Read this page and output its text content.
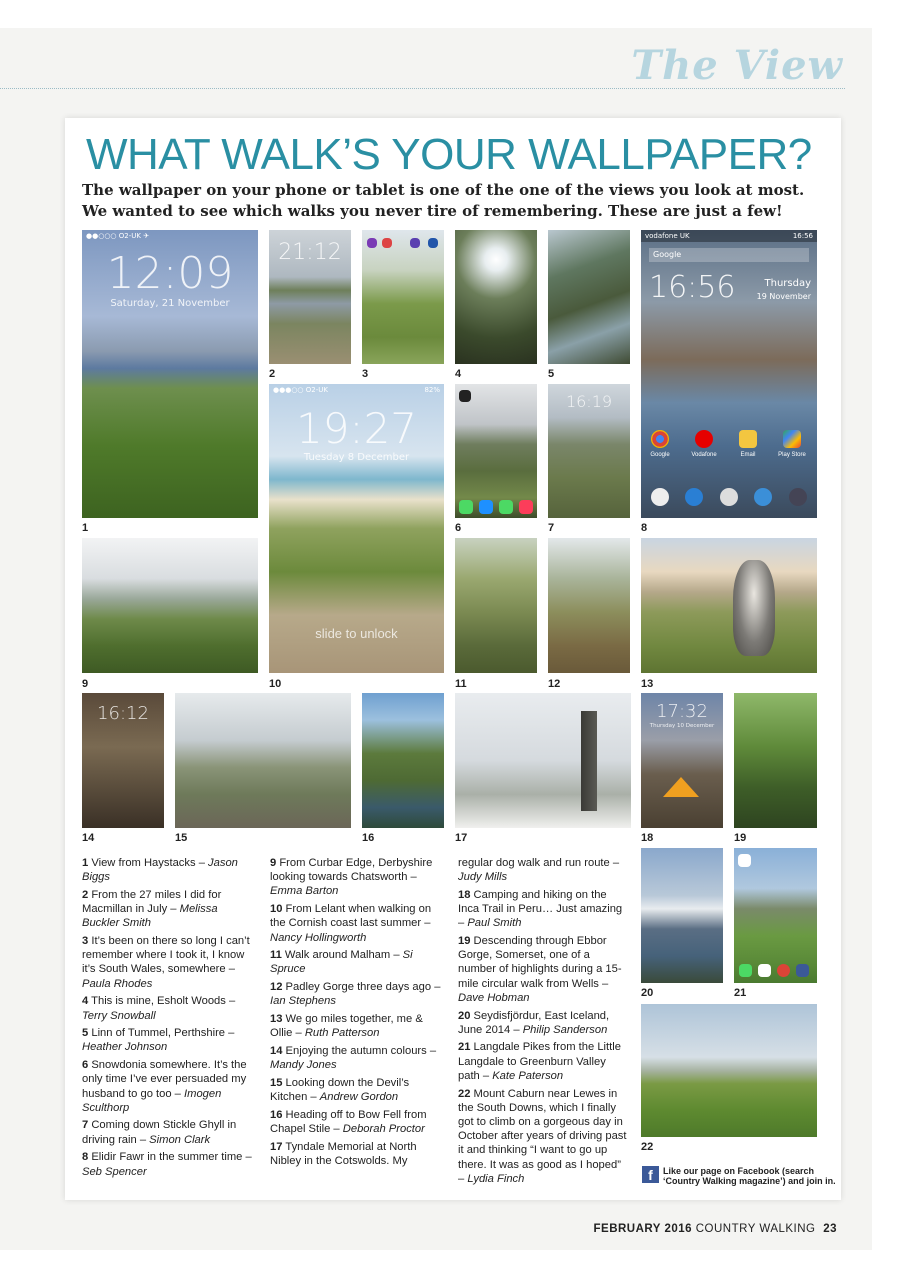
The View
WHAT WALK’S YOUR WALLPAPER?
The wallpaper on your phone or tablet is one of the one of the views you look at most. We wanted to see which walks you never tire of remembering. These are just a few!
●●○○○ O2-UK ✈
12:09
Saturday, 21 November
1
21:12
2	3	4	5
vodafone UK	16:56
Google
16:56	Thursday
19 November
Google	Vodafone	Email	Play Store
8
●●●○○ O2-UK	82%
19:27
Tuesday 8 December
slide to unlock
10
6
16:19
7
9	11	12	13
16:12
14	15	16	17
17:32
Thursday 10 December
18	19
20	21
22

1 View from Haystacks – Jason Biggs

2 From the 27 miles I did for Macmillan in July – Melissa Buckler Smith

3 It’s been on there so long I can’t remember where I took it, I know it’s South Wales, somewhere – Paula Rhodes

4 This is mine, Esholt Woods – Terry Snowball

5 Linn of Tummel, Perthshire – Heather Johnson

6 Snowdonia somewhere. It’s the only time I’ve ever persuaded my husband to go too – Imogen Sculthorp

7 Coming down Stickle Ghyll in driving rain – Simon Clark

8 Elidir Fawr in the summer time – Seb Spencer

9 From Curbar Edge, Derbyshire looking towards Chatsworth – Emma Barton

10 From Lelant when walking on the Cornish coast last summer – Nancy Hollingworth

11 Walk around Malham – Si Spruce

12 Padley Gorge three days ago – Ian Stephens

13 We go miles together, me & Ollie – Ruth Patterson

14 Enjoying the autumn colours – Mandy Jones

15 Looking down the Devil’s Kitchen – Andrew Gordon

16 Heading off to Bow Fell from Chapel Stile – Deborah Proctor

17 Tyndale Memorial at North Nibley in the Cotswolds. My

regular dog walk and run route – Judy Mills

18 Camping and hiking on the Inca Trail in Peru… Just amazing – Paul Smith

19 Descending through Ebbor Gorge, Somerset, one of a number of highlights during a 15-mile circular walk from Wells – Dave Hobman

20 Seydisfjördur, East Iceland, June 2014 – Philip Sanderson

21 Langdale Pikes from the Little Langdale to Greenburn Valley path – Kate Paterson

22 Mount Caburn near Lewes in the South Downs, which I finally got to climb on a gorgeous day in October after years of driving past it and thinking “I want to go up there. It was as good as I hoped” – Lydia Finch	f	Like our page on Facebook (search ‘Country Walking magazine’) and join in.
FEBRUARY 2016 COUNTRY WALKING 23
